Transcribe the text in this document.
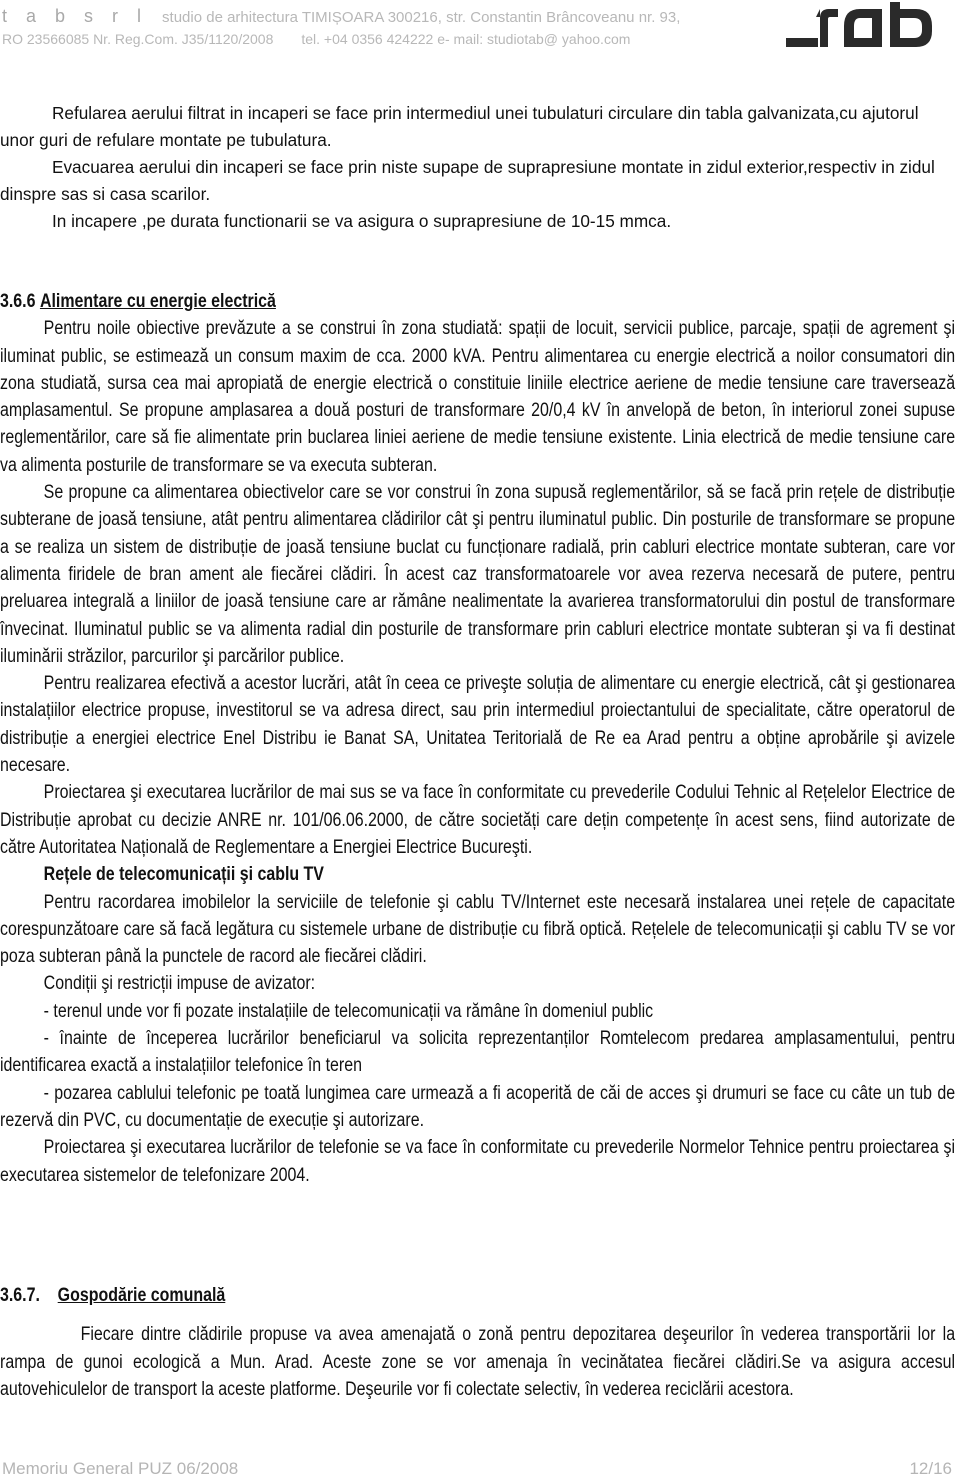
t a b s r l studio de arhitectura TIMIȘOARA 300216, str. Constantin Brâncoveanu nr. 93,
RO 23566085 Nr. Reg.Com. J35/1120/2008 tel. +04 0356 424222 e- mail: studiotab@ yahoo.com

Refularea aerului filtrat in incaperi se face prin intermediul unei tubulaturi circulare din tabla galvanizata,cu ajutorul unor guri de refulare montate pe tubulatura.

Evacuarea aerului din incaperi se face prin niste supape de suprapresiune montate in zidul exterior,respectiv in zidul dinspre sas si casa scarilor.

In incapere ,pe durata functionarii se va asigura o suprapresiune de 10-15 mmca.

3.6.6 Alimentare cu energie electrică

Pentru noile obiective prevăzute a se construi în zona studiată: spații de locuit, servicii publice, parcaje, spații de agrement şi iluminat public, se estimează un consum maxim de cca. 2000 kVA. Pentru alimentarea cu energie electrică a noilor consumatori din zona studiată, sursa cea mai apropiată de energie electrică o constituie liniile electrice aeriene de medie tensiune care traversează amplasamentul. Se propune amplasarea a două posturi de transformare 20/0,4 kV în anvelopă de beton, în interiorul zonei supuse reglementărilor, care să fie alimentate prin buclarea liniei aeriene de medie tensiune existente. Linia electrică de medie tensiune care va alimenta posturile de transformare se va executa subteran.

Se propune ca alimentarea obiectivelor care se vor construi în zona supusă reglementărilor, să se facă prin rețele de distribuție subterane de joasă tensiune, atât pentru alimentarea clădirilor cât şi pentru iluminatul public. Din posturile de transformare se propune a se realiza un sistem de distribuție de joasă tensiune buclat cu funcționare radială, prin cabluri electrice montate subteran, care vor alimenta firidele de bran ament ale fiecărei clădiri. În acest caz transformatoarele vor avea rezerva necesară de putere, pentru preluarea integrală a liniilor de joasă tensiune care ar rămâne nealimentate la avarierea transformatorului din postul de transformare învecinat. Iluminatul public se va alimenta radial din posturile de transformare prin cabluri electrice montate subteran şi va fi destinat iluminării străzilor, parcurilor şi parcărilor publice.

Pentru realizarea efectivă a acestor lucrări, atât în ceea ce priveşte soluția de alimentare cu energie electrică, cât şi gestionarea instalațiilor electrice propuse, investitorul se va adresa direct, sau prin intermediul proiectantului de specialitate, către operatorul de distribuție a energiei electrice Enel Distribu ie Banat SA, Unitatea Teritorială de Re ea Arad pentru a obține aprobările şi avizele necesare.

Proiectarea şi executarea lucrărilor de mai sus se va face în conformitate cu prevederile Codului Tehnic al Rețelelor Electrice de Distribuție aprobat cu decizie ANRE nr. 101/06.06.2000, de către societăți care dețin competențe în acest sens, fiind autorizate de către Autoritatea Națională de Reglementare a Energiei Electrice Bucureşti.

Rețele de telecomunicații şi cablu TV

Pentru racordarea imobilelor la serviciile de telefonie şi cablu TV/Internet este necesară instalarea unei rețele de capacitate corespunzătoare care să facă legătura cu sistemele urbane de distribuție cu fibră optică. Rețelele de telecomunicații şi cablu TV se vor poza subteran până la punctele de racord ale fiecărei clădiri.

Condiții şi restricții impuse de avizator:

- terenul unde vor fi pozate instalațiile de telecomunicații va rămâne în domeniul public

- înainte de începerea lucrărilor beneficiarul va solicita reprezentanților Romtelecom predarea amplasamentului, pentru identificarea exactă a instalațiilor telefonice în teren

- pozarea cablului telefonic pe toată lungimea care urmează a fi acoperită de căi de acces şi drumuri se face cu câte un tub de rezervă din PVC, cu documentație de execuție şi autorizare.

Proiectarea şi executarea lucrărilor de telefonie se va face în conformitate cu prevederile Normelor Tehnice pentru proiectarea şi executarea sistemelor de telefonizare 2004.

3.6.7. Gospodărie comunală

Fiecare dintre clădirile propuse va avea amenajată o zonă pentru depozitarea deşeurilor în vederea transportării lor la rampa de gunoi ecologică a Mun. Arad. Aceste zone se vor amenaja în vecinătatea fiecărei clădiri.Se va asigura accesul autovehiculelor de transport la aceste platforme. Deşeurile vor fi colectate selectiv, în vederea reciclării acestora.

Memoriu General PUZ 06/2008	12/16
